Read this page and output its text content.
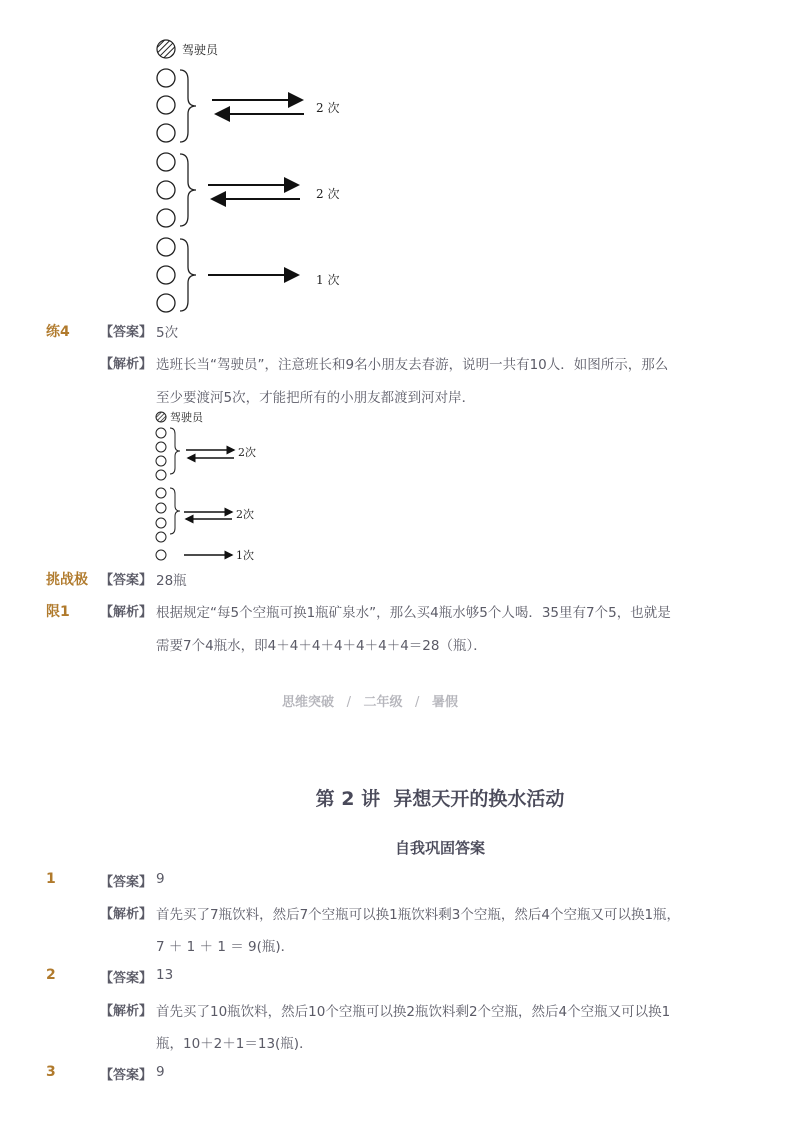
驾驶员
2 次
2 次
1 次
练4 【答案】 5次
【解析】 选班长当“驾驶员”，注意班长和9名小朋友去春游，说明一共有10人．如图所示，那么
至少要渡河5次，才能把所有的小朋友都渡到河对岸．
驾驶员
2次
2次
1次
挑战极
限1
【答案】 28瓶
【解析】 根据规定“每5个空瓶可换1瓶矿泉水”，那么买4瓶水够5个人喝．35里有7个5，也就是
需要7个4瓶水，即4＋4＋4＋4＋4＋4＋4＝28（瓶）．
思维突破 / 二年级 / 暑假
第 2 讲  异想天开的换水活动
自我巩固答案
1	【答案】 9
【解析】 首先买了7瓶饮料，然后7个空瓶可以换1瓶饮料剩3个空瓶，然后4个空瓶又可以换1瓶，
7 ＋ 1 ＋ 1 ＝ 9(瓶)．
2	【答案】 13
【解析】 首先买了10瓶饮料，然后10个空瓶可以换2瓶饮料剩2个空瓶，然后4个空瓶又可以换1
瓶，10＋2＋1＝13(瓶)．
3	【答案】 9
